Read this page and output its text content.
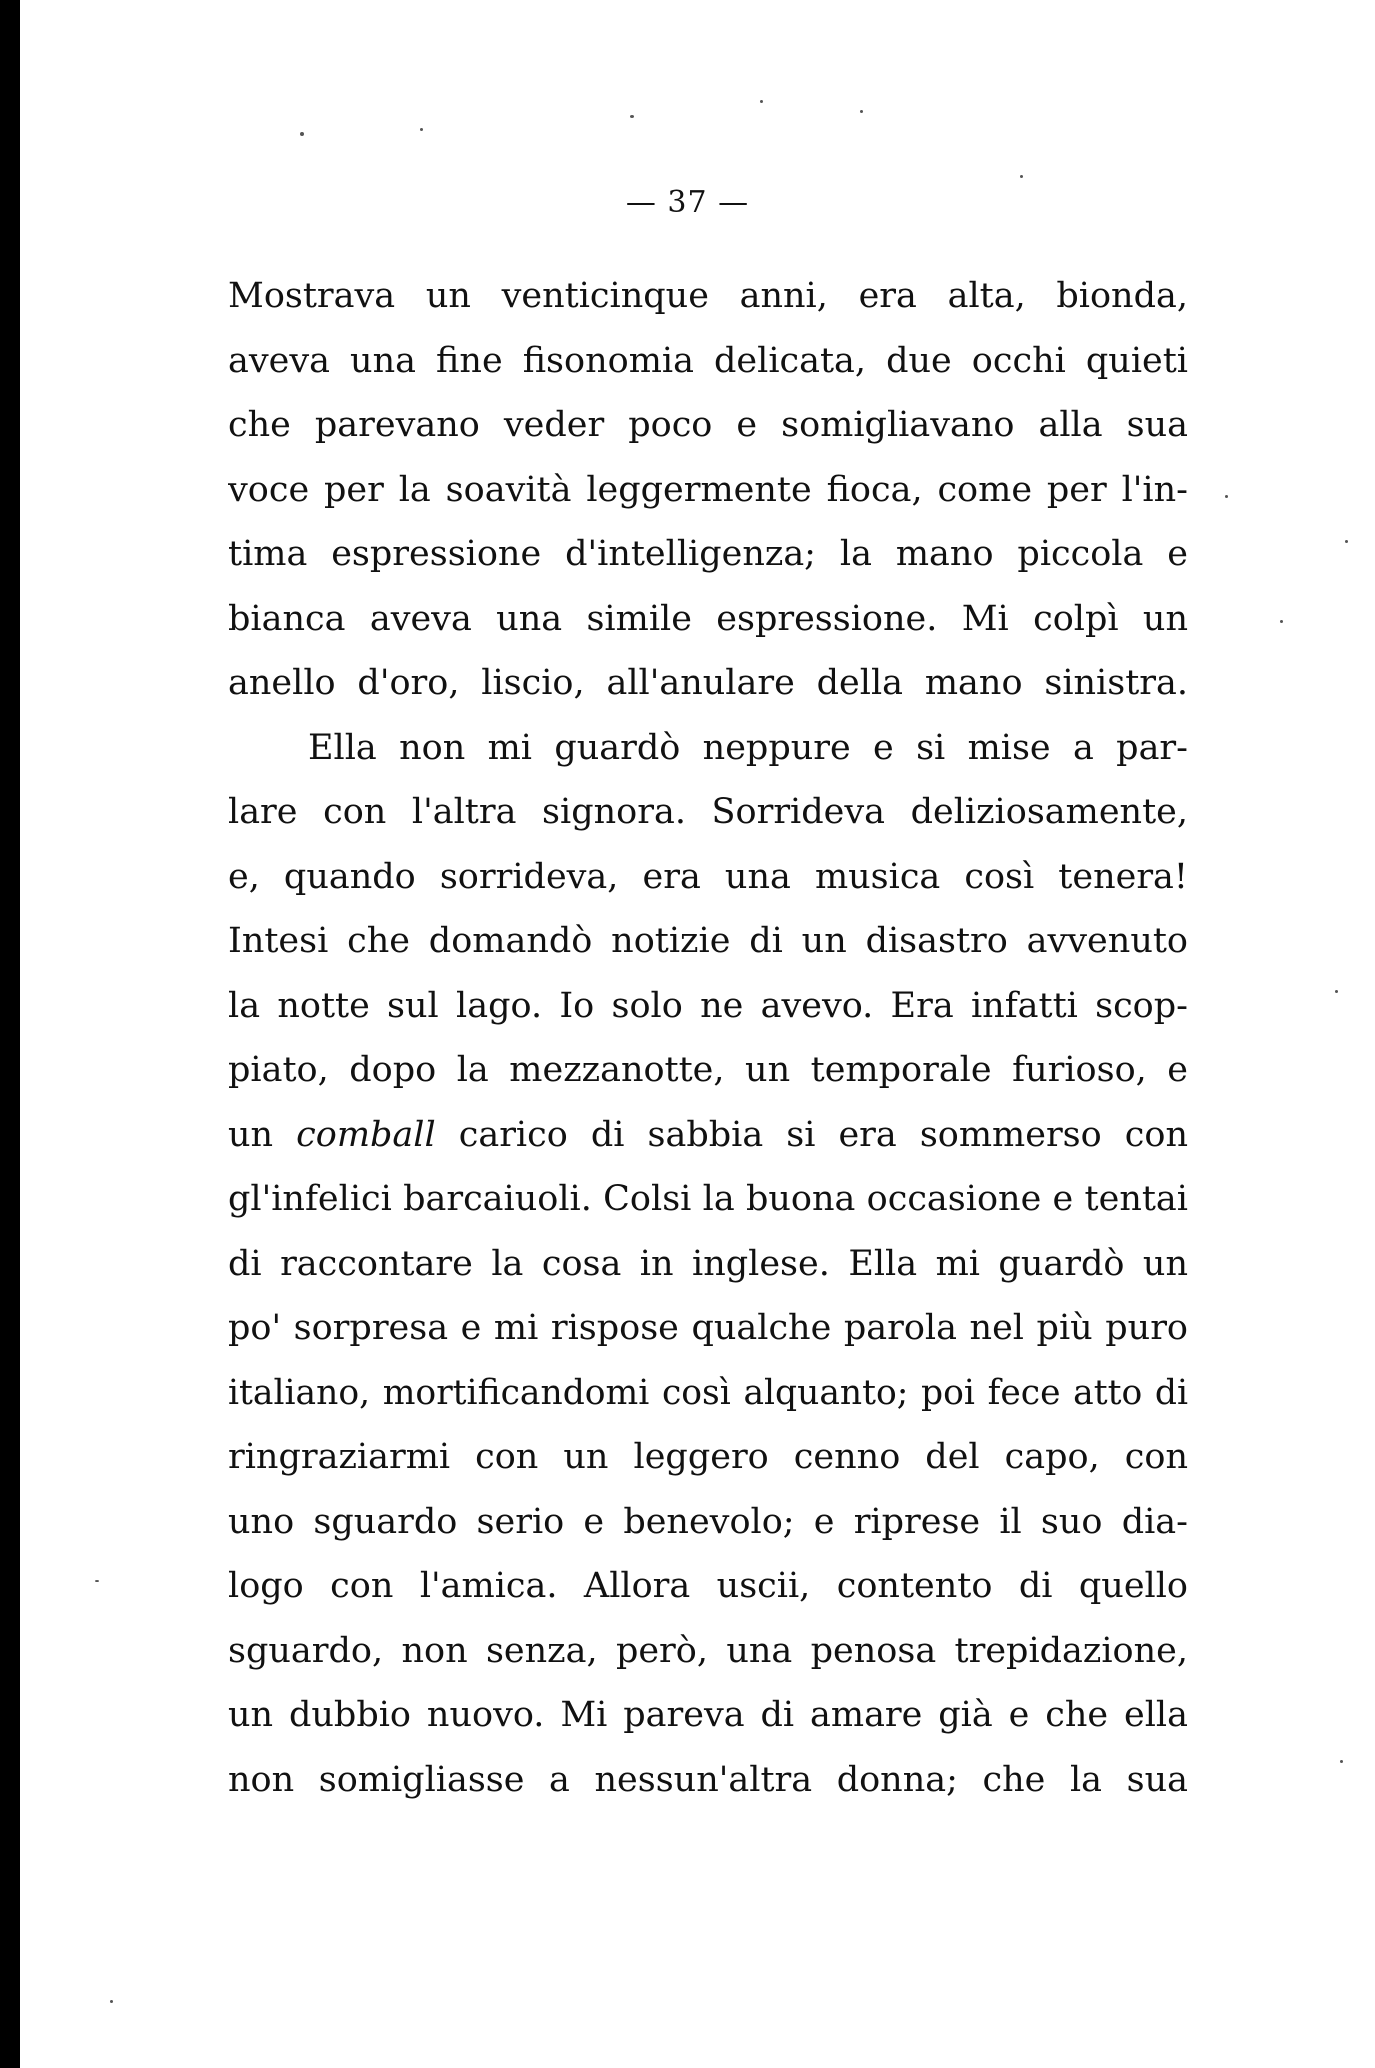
— 37 —
Mostrava un venticinque anni, era alta, bionda,
aveva una fine fisonomia delicata, due occhi quieti
che parevano veder poco e somigliavano alla sua
voce per la soavità leggermente fioca, come per l'in-
tima espressione d'intelligenza; la mano piccola e
bianca aveva una simile espressione. Mi colpì un
anello d'oro, liscio, all'anulare della mano sinistra.
Ella non mi guardò neppure e si mise a par-
lare con l'altra signora. Sorrideva deliziosamente,
e, quando sorrideva, era una musica così tenera!
Intesi che domandò notizie di un disastro avvenuto
la notte sul lago. Io solo ne avevo. Era infatti scop-
piato, dopo la mezzanotte, un temporale furioso, e
un comball carico di sabbia si era sommerso con
gl'infelici barcaiuoli. Colsi la buona occasione e tentai
di raccontare la cosa in inglese. Ella mi guardò un
po' sorpresa e mi rispose qualche parola nel più puro
italiano, mortificandomi così alquanto; poi fece atto di
ringraziarmi con un leggero cenno del capo, con
uno sguardo serio e benevolo; e riprese il suo dia-
logo con l'amica. Allora uscii, contento di quello
sguardo, non senza, però, una penosa trepidazione,
un dubbio nuovo. Mi pareva di amare già e che ella
non somigliasse a nessun'altra donna; che la sua
